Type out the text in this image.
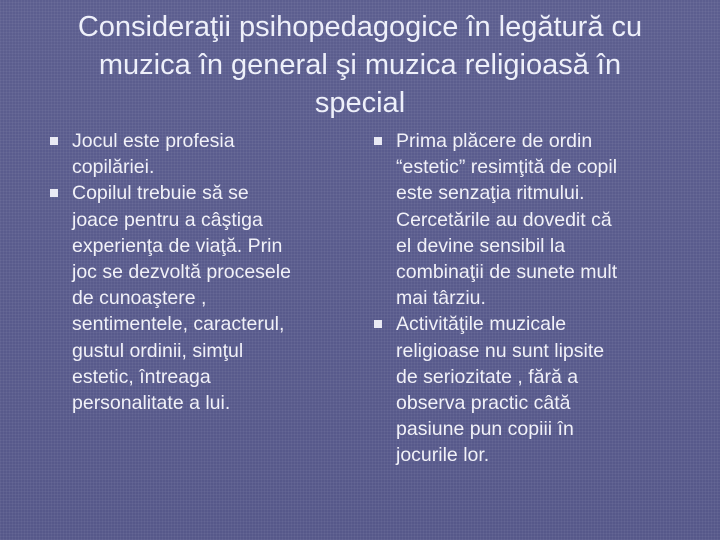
Consideraţii psihopedagogice în legătură cu
muzica în general şi muzica religioasă în
special
Jocul este profesia
copilăriei.
Copilul trebuie să se
joace pentru a câştiga
experienţa de viaţă. Prin
joc se dezvoltă procesele
de cunoaştere ,
sentimentele, caracterul,
gustul ordinii, simţul
estetic, întreaga
personalitate a lui.
Prima plăcere de ordin
“estetic” resimţită de copil
este senzaţia ritmului.
Cercetările au dovedit că
el devine sensibil la
combinaţii de sunete mult
mai târziu.
Activităţile muzicale
religioase nu sunt lipsite
de seriozitate , fără a
observa practic câtă
pasiune pun copiii în
jocurile lor.
